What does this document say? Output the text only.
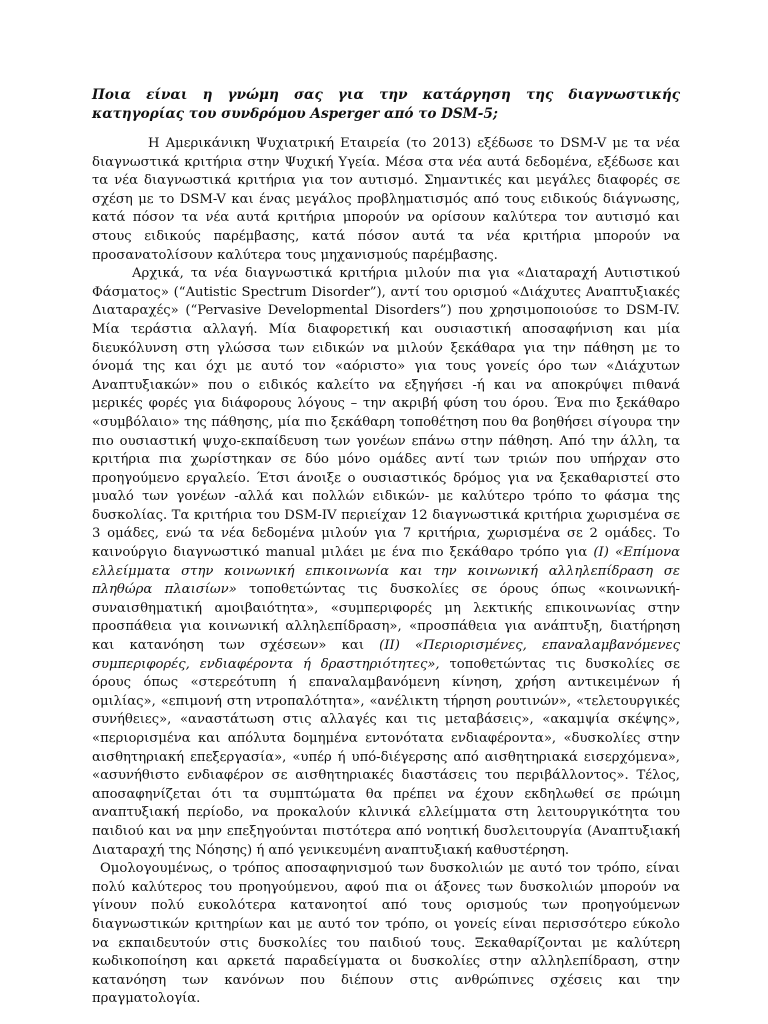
Ποια είναι η γνώμη σας για την κατάργηση της διαγνωστικής κατηγορίας του συνδρόμου Asperger από το DSM-5;

Η Αμερικάνικη Ψυχιατρική Εταιρεία (το 2013) εξέδωσε το DSM-V με τα νέα διαγνωστικά κριτήρια στην Ψυχική Υγεία. Μέσα στα νέα αυτά δεδομένα, εξέδωσε και τα νέα διαγνωστικά κριτήρια για τον αυτισμό. Σημαντικές και μεγάλες διαφορές σε σχέση με το DSM-V και ένας μεγάλος προβληματισμός από τους ειδικούς διάγνωσης, κατά πόσον τα νέα αυτά κριτήρια μπορούν να ορίσουν καλύτερα τον αυτισμό και στους ειδικούς παρέμβασης, κατά πόσον αυτά τα νέα κριτήρια μπορούν να προσανατολίσουν καλύτερα τους μηχανισμούς παρέμβασης.

Αρχικά, τα νέα διαγνωστικά κριτήρια μιλούν πια για «Διαταραχή Αυτιστικού Φάσματος» (“Autistic Spectrum Disorder”), αντί του ορισμού «Διάχυτες Αναπτυξιακές Διαταραχές» (“Pervasive Developmental Disorders”) που χρησιμοποιούσε το DSM-IV. Μία τεράστια αλλαγή. Μία διαφορετική και ουσιαστική αποσαφήνιση και μία διευκόλυνση στη γλώσσα των ειδικών να μιλούν ξεκάθαρα για την πάθηση με το όνομά της και όχι με αυτό τον «αόριστο» για τους γονείς όρο των «Διάχυτων Αναπτυξιακών» που ο ειδικός καλείτο να εξηγήσει -ή και να αποκρύψει πιθανά μερικές φορές για διάφορους λόγους – την ακριβή φύση του όρου. Ένα πιο ξεκάθαρο «συμβόλαιο» της πάθησης, μία πιο ξεκάθαρη τοποθέτηση που θα βοηθήσει σίγουρα την πιο ουσιαστική ψυχο-εκπαίδευση των γονέων επάνω στην πάθηση. Από την άλλη, τα κριτήρια πια χωρίστηκαν σε δύο μόνο ομάδες αντί των τριών που υπήρχαν στο προηγούμενο εργαλείο. Έτσι άνοιξε ο ουσιαστικός δρόμος για να ξεκαθαριστεί στο μυαλό των γονέων -αλλά και πολλών ειδικών- με καλύτερο τρόπο το φάσμα της δυσκολίας. Τα κριτήρια του DSM-IV περιείχαν 12 διαγνωστικά κριτήρια χωρισμένα σε 3 ομάδες, ενώ τα νέα δεδομένα μιλούν για 7 κριτήρια, χωρισμένα σε 2 ομάδες. Το καινούργιο διαγνωστικό manual μιλάει με ένα πιο ξεκάθαρο τρόπο για (I) «Επίμονα ελλείμματα στην κοινωνική επικοινωνία και την κοινωνική αλληλεπίδραση σε πληθώρα πλαισίων» τοποθετώντας τις δυσκολίες σε όρους όπως «κοινωνική- συναισθηματική αμοιβαιότητα», «συμπεριφορές μη λεκτικής επικοινωνίας στην προσπάθεια για κοινωνική αλληλεπίδραση», «προσπάθεια για ανάπτυξη, διατήρηση και κατανόηση των σχέσεων» και (II) «Περιορισμένες, επαναλαμβανόμενες συμπεριφορές, ενδιαφέροντα ή δραστηριότητες», τοποθετώντας τις δυσκολίες σε όρους όπως «στερεότυπη ή επαναλαμβανόμενη κίνηση, χρήση αντικειμένων ή ομιλίας», «επιμονή στη ντροπαλότητα», «ανέλικτη τήρηση ρουτινών», «τελετουργικές συνήθειες», «αναστάτωση στις αλλαγές και τις μεταβάσεις», «ακαμψία σκέψης», «περιορισμένα και απόλυτα δομημένα εντονότατα ενδιαφέροντα», «δυσκολίες στην αισθητηριακή επεξεργασία», «υπέρ ή υπό-διέγερσης από αισθητηριακά εισερχόμενα», «ασυνήθιστο ενδιαφέρον σε αισθητηριακές διαστάσεις του περιβάλλοντος». Τέλος, αποσαφηνίζεται ότι τα συμπτώματα θα πρέπει να έχουν εκδηλωθεί σε πρώιμη αναπτυξιακή περίοδο, να προκαλούν κλινικά ελλείμματα στη λειτουργικότητα του παιδιού και να μην επεξηγούνται πιστότερα από νοητική δυσλειτουργία (Αναπτυξιακή Διαταραχή της Νόησης) ή από γενικευμένη αναπτυξιακή καθυστέρηση.

Ομολογουμένως, ο τρόπος αποσαφηνισμού των δυσκολιών με αυτό τον τρόπο, είναι πολύ καλύτερος του προηγούμενου, αφού πια οι άξονες των δυσκολιών μπορούν να γίνουν πολύ ευκολότερα κατανοητοί από τους ορισμούς των προηγούμενων διαγνωστικών κριτηρίων και με αυτό τον τρόπο, οι γονείς είναι περισσότερο εύκολο να εκπαιδευτούν στις δυσκολίες του παιδιού τους. Ξεκαθαρίζονται με καλύτερη κωδικοποίηση και αρκετά παραδείγματα οι δυσκολίες στην αλληλεπίδραση, στην κατανόηση των κανόνων που διέπουν στις ανθρώπινες σχέσεις και την πραγματολογία.
